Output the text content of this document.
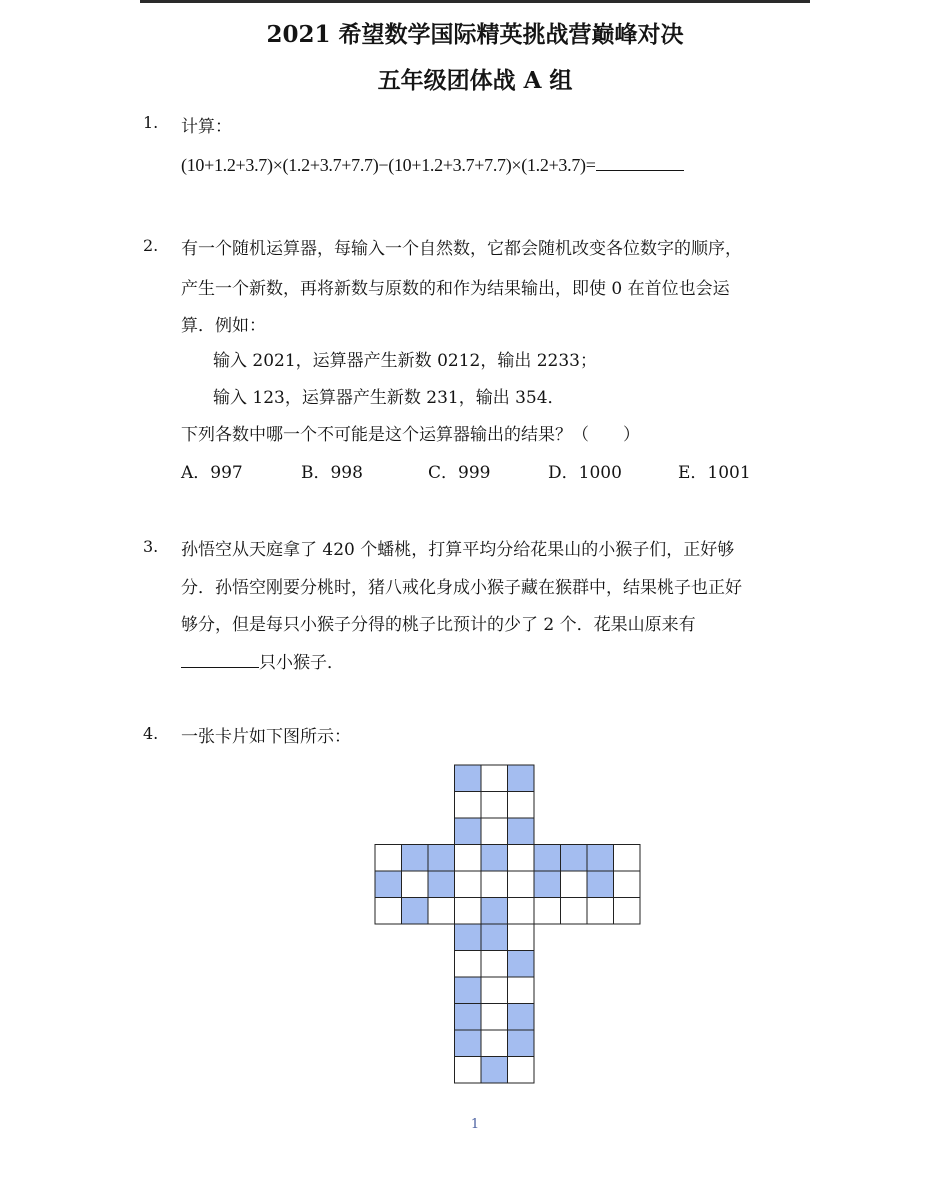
2021 希望数学国际精英挑战营巅峰对决
五年级团体战 A 组
1. 计算：
(10+1.2+3.7)×(1.2+3.7+7.7)−(10+1.2+3.7+7.7)×(1.2+3.7)=
2. 有一个随机运算器，每输入一个自然数，它都会随机改变各位数字的顺序，
产生一个新数，再将新数与原数的和作为结果输出，即使 0 在首位也会运
算．例如：
输入 2021，运算器产生新数 0212，输出 2233；
输入 123，运算器产生新数 231，输出 354．
下列各数中哪一个不可能是这个运算器输出的结果？（　　）
A．997	B．998	C．999	D．1000	E．1001
3. 孙悟空从天庭拿了 420 个蟠桃，打算平均分给花果山的小猴子们，正好够
分．孙悟空刚要分桃时，猪八戒化身成小猴子藏在猴群中，结果桃子也正好
够分，但是每只小猴子分得的桃子比预计的少了 2 个．花果山原来有
只小猴子．
4. 一张卡片如下图所示：
1
